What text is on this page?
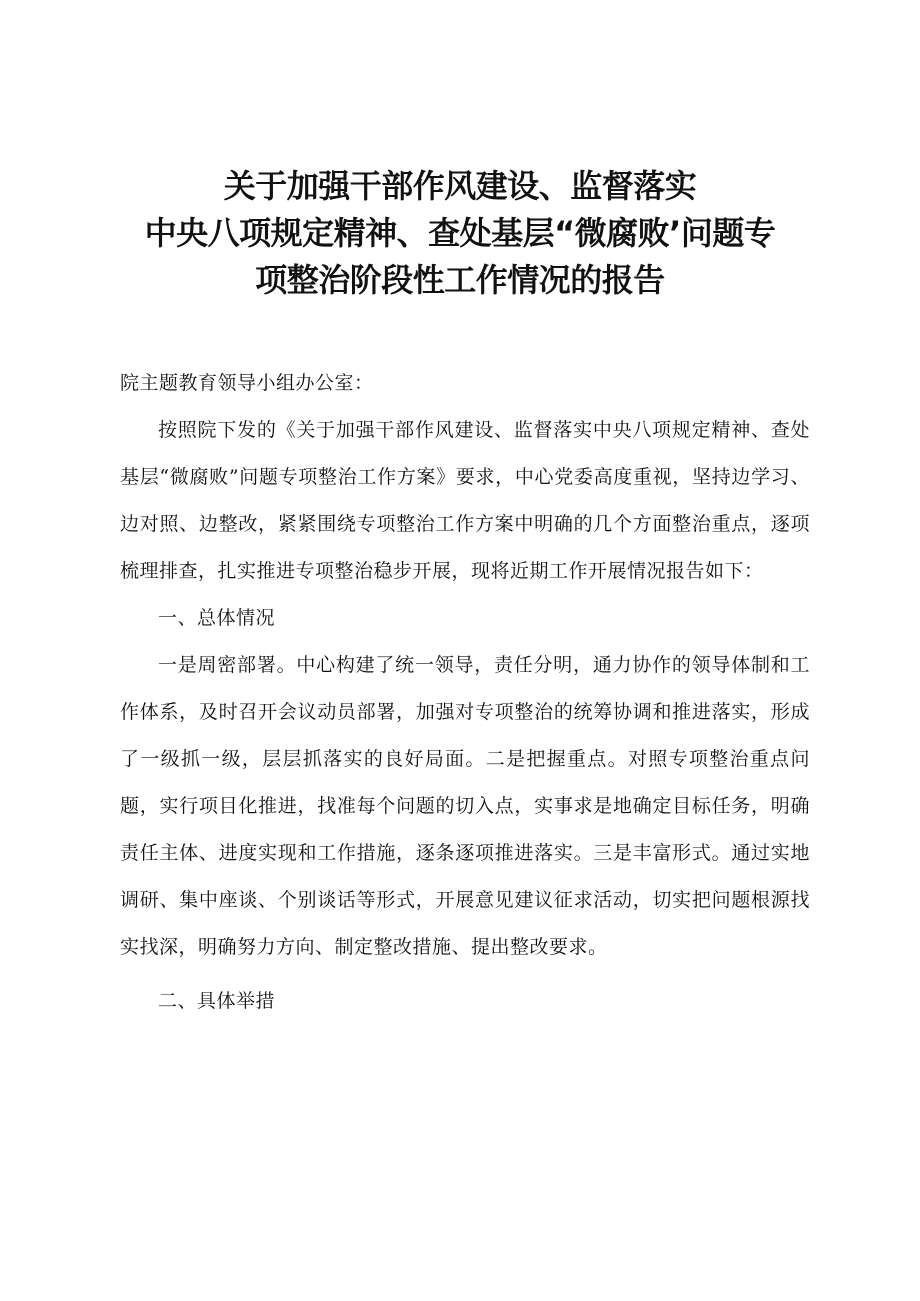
关于加强干部作风建设、监督落实
中央八项规定精神、查处基层“微腐败’问题专
项整治阶段性工作情况的报告

院主题教育领导小组办公室：

按照院下发的《关于加强干部作风建设、监督落实中央八项规定精神、查处基层“微腐败”问题专项整治工作方案》要求，中心党委高度重视，坚持边学习、边对照、边整改，紧紧围绕专项整治工作方案中明确的几个方面整治重点，逐项梳理排查，扎实推进专项整治稳步开展，现将近期工作开展情况报告如下：

一、总体情况

一是周密部署。中心构建了统一领导，责任分明，通力协作的领导体制和工作体系，及时召开会议动员部署，加强对专项整治的统筹协调和推进落实，形成了一级抓一级，层层抓落实的良好局面。二是把握重点。对照专项整治重点问题，实行项目化推进，找准每个问题的切入点，实事求是地确定目标任务，明确责任主体、进度实现和工作措施，逐条逐项推进落实。三是丰富形式。通过实地调研、集中座谈、个别谈话等形式，开展意见建议征求活动，切实把问题根源找实找深，明确努力方向、制定整改措施、提出整改要求。

二、具体举措
